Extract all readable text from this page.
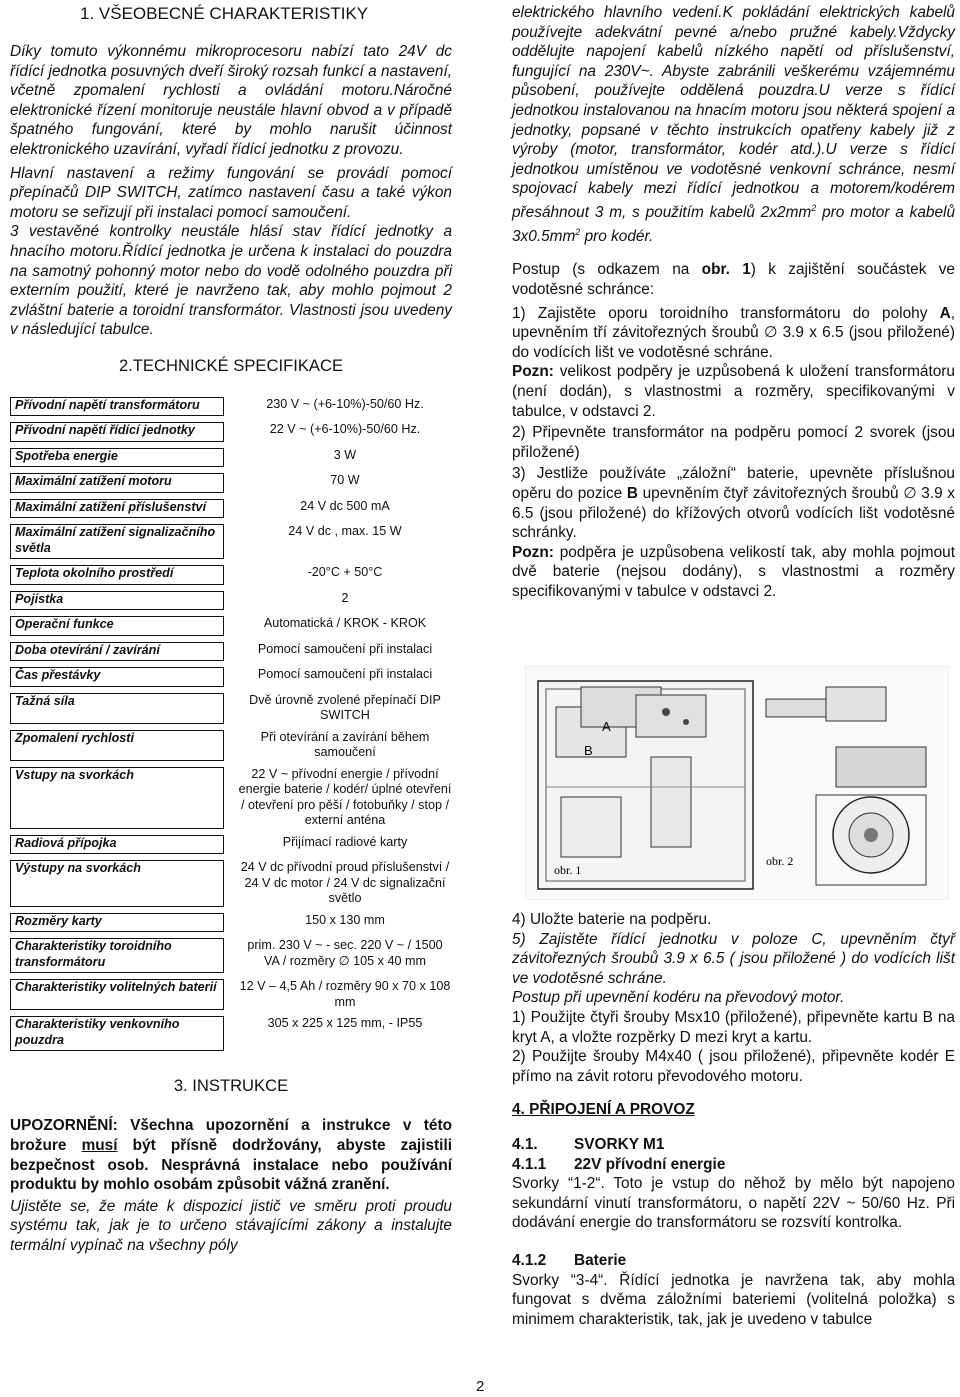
1. VŠEOBECNÉ CHARAKTERISTIKY

Díky tomuto výkonnému mikroprocesoru nabízí tato 24V dc řídící jednotka posuvných dveří široký rozsah funkcí a nastavení, včetně zpomalení rychlosti a ovládání motoru.Náročné elektronické řízení monitoruje neustále hlavní obvod a v případě špatného fungování, které by mohlo narušit účinnost elektronického uzavírání, vyřadí řídící jednotku z provozu.

Hlavní nastavení a režimy fungování se provádí pomocí přepínačů DIP SWITCH, zatímco nastavení času a také výkon motoru se seřizují při instalaci pomocí samoučení.

3 vestavěné kontrolky neustále hlásí stav řídící jednotky a hnacího motoru.Řídící jednotka je určena k instalaci do pouzdra na samotný pohonný motor nebo do vodě odolného pouzdra při externím použití, které je navrženo tak, aby mohlo pojmout 2 zvláštní baterie a toroidní transformátor. Vlastnosti jsou uvedeny v následující tabulce.

2.TECHNICKÉ SPECIFIKACE
Přívodní napětí transformátoru	230 V ~ (+6-10%)-50/60 Hz.

Přívodní napětí řídící jednotky	22 V ~ (+6-10%)-50/60 Hz.

Spotřeba energie	3 W

Maximální zatížení motoru	70 W

Maximální zatížení příslušenství	24 V dc 500 mA

Maximální zatížení signalizačního světla	24 V dc , max. 15 W

Teplota okolního prostředí	-20°C + 50°C

Pojistka	2

Operační funkce	Automatická / KROK - KROK

Doba otevírání / zavírání	Pomocí samoučení při instalaci

Čas přestávky	Pomocí samoučení při instalaci

Tažná síla	Dvě úrovně zvolené přepínačí DIP SWITCH

Zpomalení rychlosti	Při otevírání a zavírání během samoučení

Vstupy na svorkách	22 V ~ přívodní energie / přívodní energie baterie / kodér/ úplné otevření / otevření pro pěší / fotobuňky / stop / externí anténa

Radiová přípojka	Přijímací radiové karty

Výstupy na svorkách	24 V dc přívodní proud příslušenství / 24 V dc motor / 24 V dc signalizační světlo

Rozměry karty	150 x 130 mm

Charakteristiky toroidního transformátoru	prim. 230 V ~ - sec. 220 V ~ / 1500 VA / rozměry ∅ 105 x 40 mm

Charakteristiky volitelných baterií	12 V – 4,5 Ah / rozměry 90 x 70 x 108 mm

Charakteristiky venkovního pouzdra	305 x 225 x 125 mm, - IP55
3. INSTRUKCE

UPOZORNĚNÍ: Všechna upozornění a instrukce v této brožure musí být přísně dodržovány, abyste zajistili bezpečnost osob. Nesprávná instalace nebo používání produktu by mohlo osobám způsobit vážná zranění.

Ujistěte se, že máte k dispozici jistič ve směru proti proudu systému tak, jak je to určeno stávajícími zákony a instalujte termální vypínač na všechny póly

elektrického hlavního vedení.K pokládání elektrických kabelů používejte adekvátní pevné a/nebo pružné kabely.Vždycky oddělujte napojení kabelů nízkého napětí od příslušenství, fungující na 230V~. Abyste zabránili veškerému vzájemnému působení, používejte oddělená pouzdra.U verze s řídící jednotkou instalovanou na hnacím motoru jsou některá spojení a jednotky, popsané v těchto instrukcích opatřeny kabely již z výroby (motor, transformátor, kodér atd.).U verze s řídící jednotkou umístěnou ve vodotěsné venkovní schránce, nesmí spojovací kabely mezi řídící jednotkou a motorem/kodérem přesáhnout 3 m, s použitím kabelů $2x2mm^2$ pro motor a kabelů $3x0.5mm^2$ pro kodér.

Postup (s odkazem na obr. 1) k zajištění součástek ve vodotěsné schránce:

1) Zajistěte oporu toroidního transformátoru do polohy A, upevněním tří závitořezných šroubů ∅ 3.9 x 6.5 (jsou přiložené) do vodících lišt ve vodotěsné schráne.

Pozn: velikost podpěry je uzpůsobená k uložení transformátoru (není dodán), s vlastnostmi a rozměry, specifikovanými v tabulce, v odstavci 2.

2) Připevněte transformátor na podpěru pomocí 2 svorek (jsou přiložené)

3) Jestliže používáte „záložní“ baterie, upevněte příslušnou opěru do pozice B upevněním čtyř závitořezných šroubů ∅ 3.9 x 6.5 (jsou přiložené) do křížových otvorů vodících lišt vodotěsné schránky.

Pozn: podpěra je uzpůsobena velikostí tak, aby mohla pojmout dvě baterie (nejsou dodány), s vlastnostmi a rozměry specifikovanými v tabulce v odstavci 2.

A
B
obr. 1
obr. 2

4) Uložte baterie na podpěru.

5) Zajistěte řídící jednotku v poloze C, upevněním čtyř závitořezných šroubů 3.9 x 6.5 ( jsou přiložené ) do vodících lišt ve vodotěsné schráne.

Postup při upevnění kodéru na převodový motor.

1) Použijte čtyři šrouby Msx10 (přiložené), připevněte kartu B na kryt A, a vložte rozpěrky D mezi kryt a kartu.

2) Použijte šrouby M4x40 ( jsou přiložené), připevněte kodér E přímo na závit rotoru převodového motoru.

4. PŘIPOJENÍ A PROVOZ

4.1. SVORKY M1

4.1.1 22V přívodní energie

Svorky “1-2“. Toto je vstup do něhož by mělo být napojeno sekundární vinutí transformátoru, o napětí 22V ~ 50/60 Hz. Při dodávání energie do transformátoru se rozsvítí kontrolka.

4.1.2 Baterie

Svorky “3-4“. Řídící jednotka je navržena tak, aby mohla fungovat s dvěma záložními bateriemi (volitelná položka) s minimem charakteristik, tak, jak je uvedeno v tabulce

2
